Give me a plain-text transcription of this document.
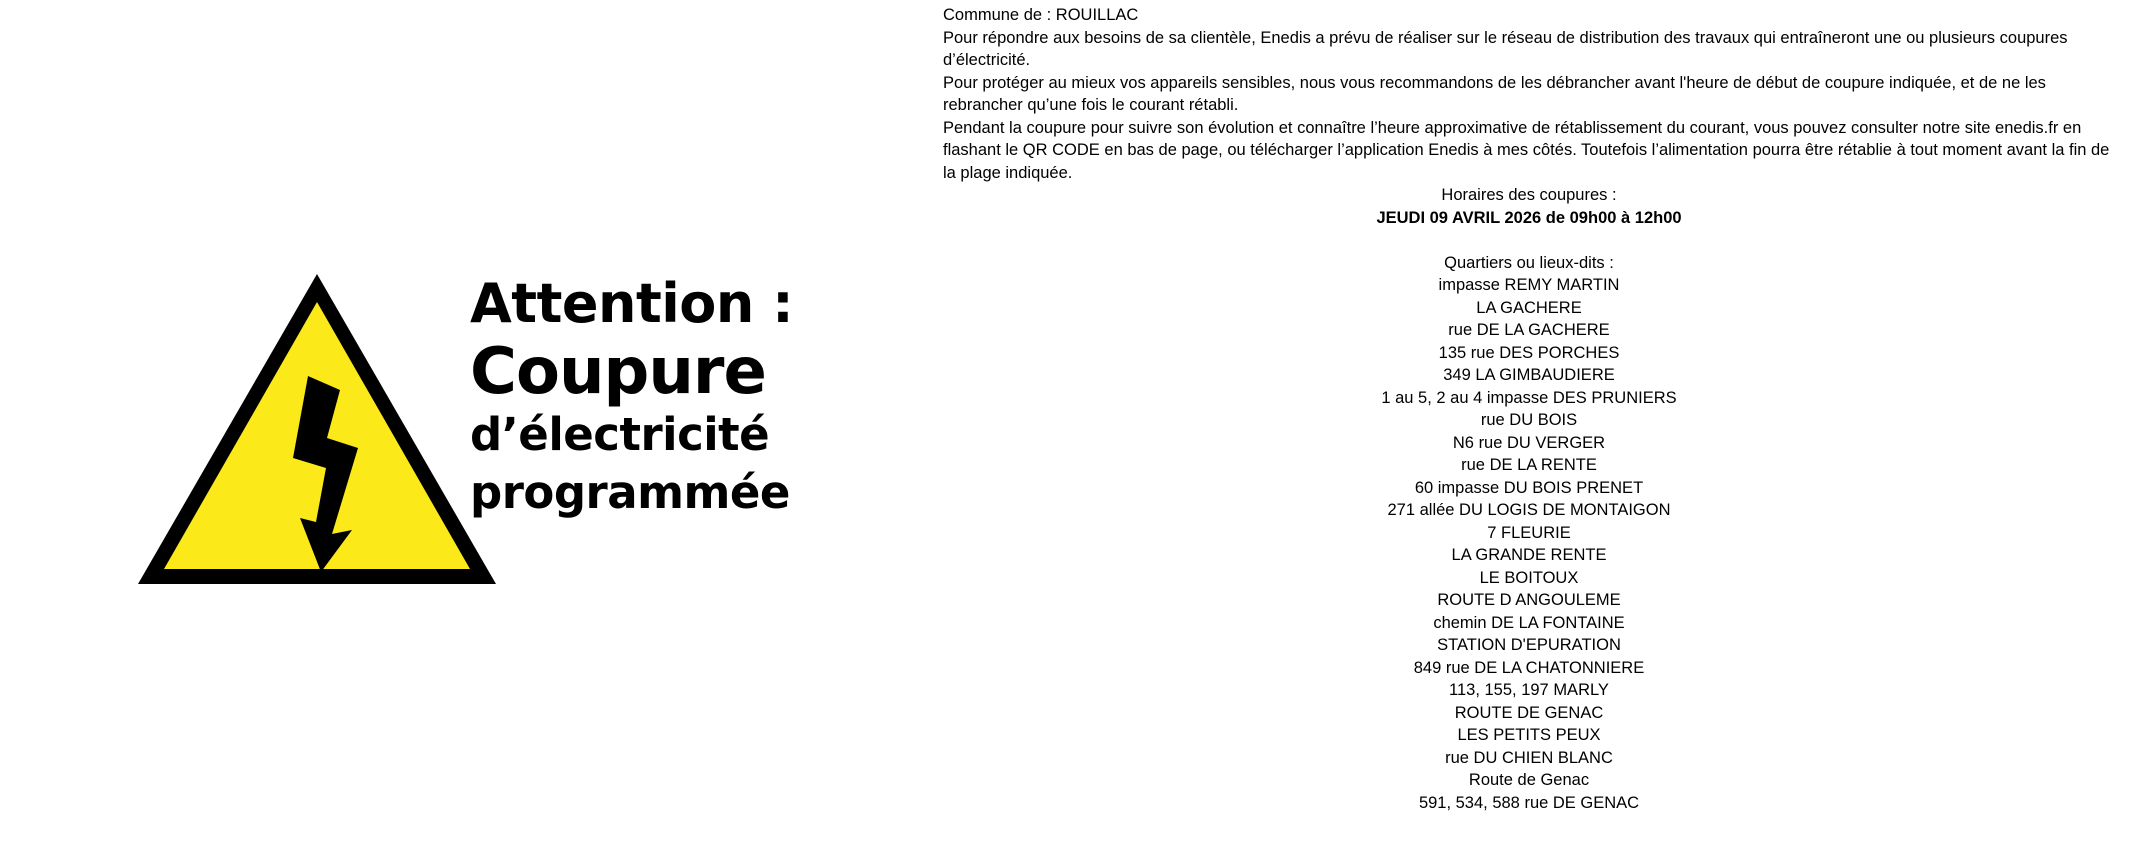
Attention :
Coupure
d’électricité
programmée

Commune de : ROUILLAC

Pour répondre aux besoins de sa clientèle, Enedis a prévu de réaliser sur le réseau de distribution des travaux qui entraîneront une ou plusieurs coupures d’électricité.

Pour protéger au mieux vos appareils sensibles, nous vous recommandons de les débrancher avant l'heure de début de coupure indiquée, et de ne les rebrancher qu’une fois le courant rétabli.

Pendant la coupure pour suivre son évolution et connaître l’heure approximative de rétablissement du courant, vous pouvez consulter notre site enedis.fr en flashant le QR CODE en bas de page, ou télécharger l’application Enedis à mes côtés. Toutefois l’alimentation pourra être rétablie à tout moment avant la fin de la plage indiquée.

Horaires des coupures :

JEUDI 09 AVRIL 2026 de 09h00 à 12h00

Quartiers ou lieux-dits :

impasse REMY MARTIN
LA GACHERE
rue DE LA GACHERE
135 rue DES PORCHES
349 LA GIMBAUDIERE
1 au 5, 2 au 4 impasse DES PRUNIERS
rue DU BOIS
N6 rue DU VERGER
rue DE LA RENTE
60 impasse DU BOIS PRENET
271 allée DU LOGIS DE MONTAIGON
7 FLEURIE
LA GRANDE RENTE
LE BOITOUX
ROUTE D ANGOULEME
chemin DE LA FONTAINE
STATION D'EPURATION
849 rue DE LA CHATONNIERE
113, 155, 197 MARLY
ROUTE DE GENAC
LES PETITS PEUX
rue DU CHIEN BLANC
Route de Genac
591, 534, 588 rue DE GENAC
